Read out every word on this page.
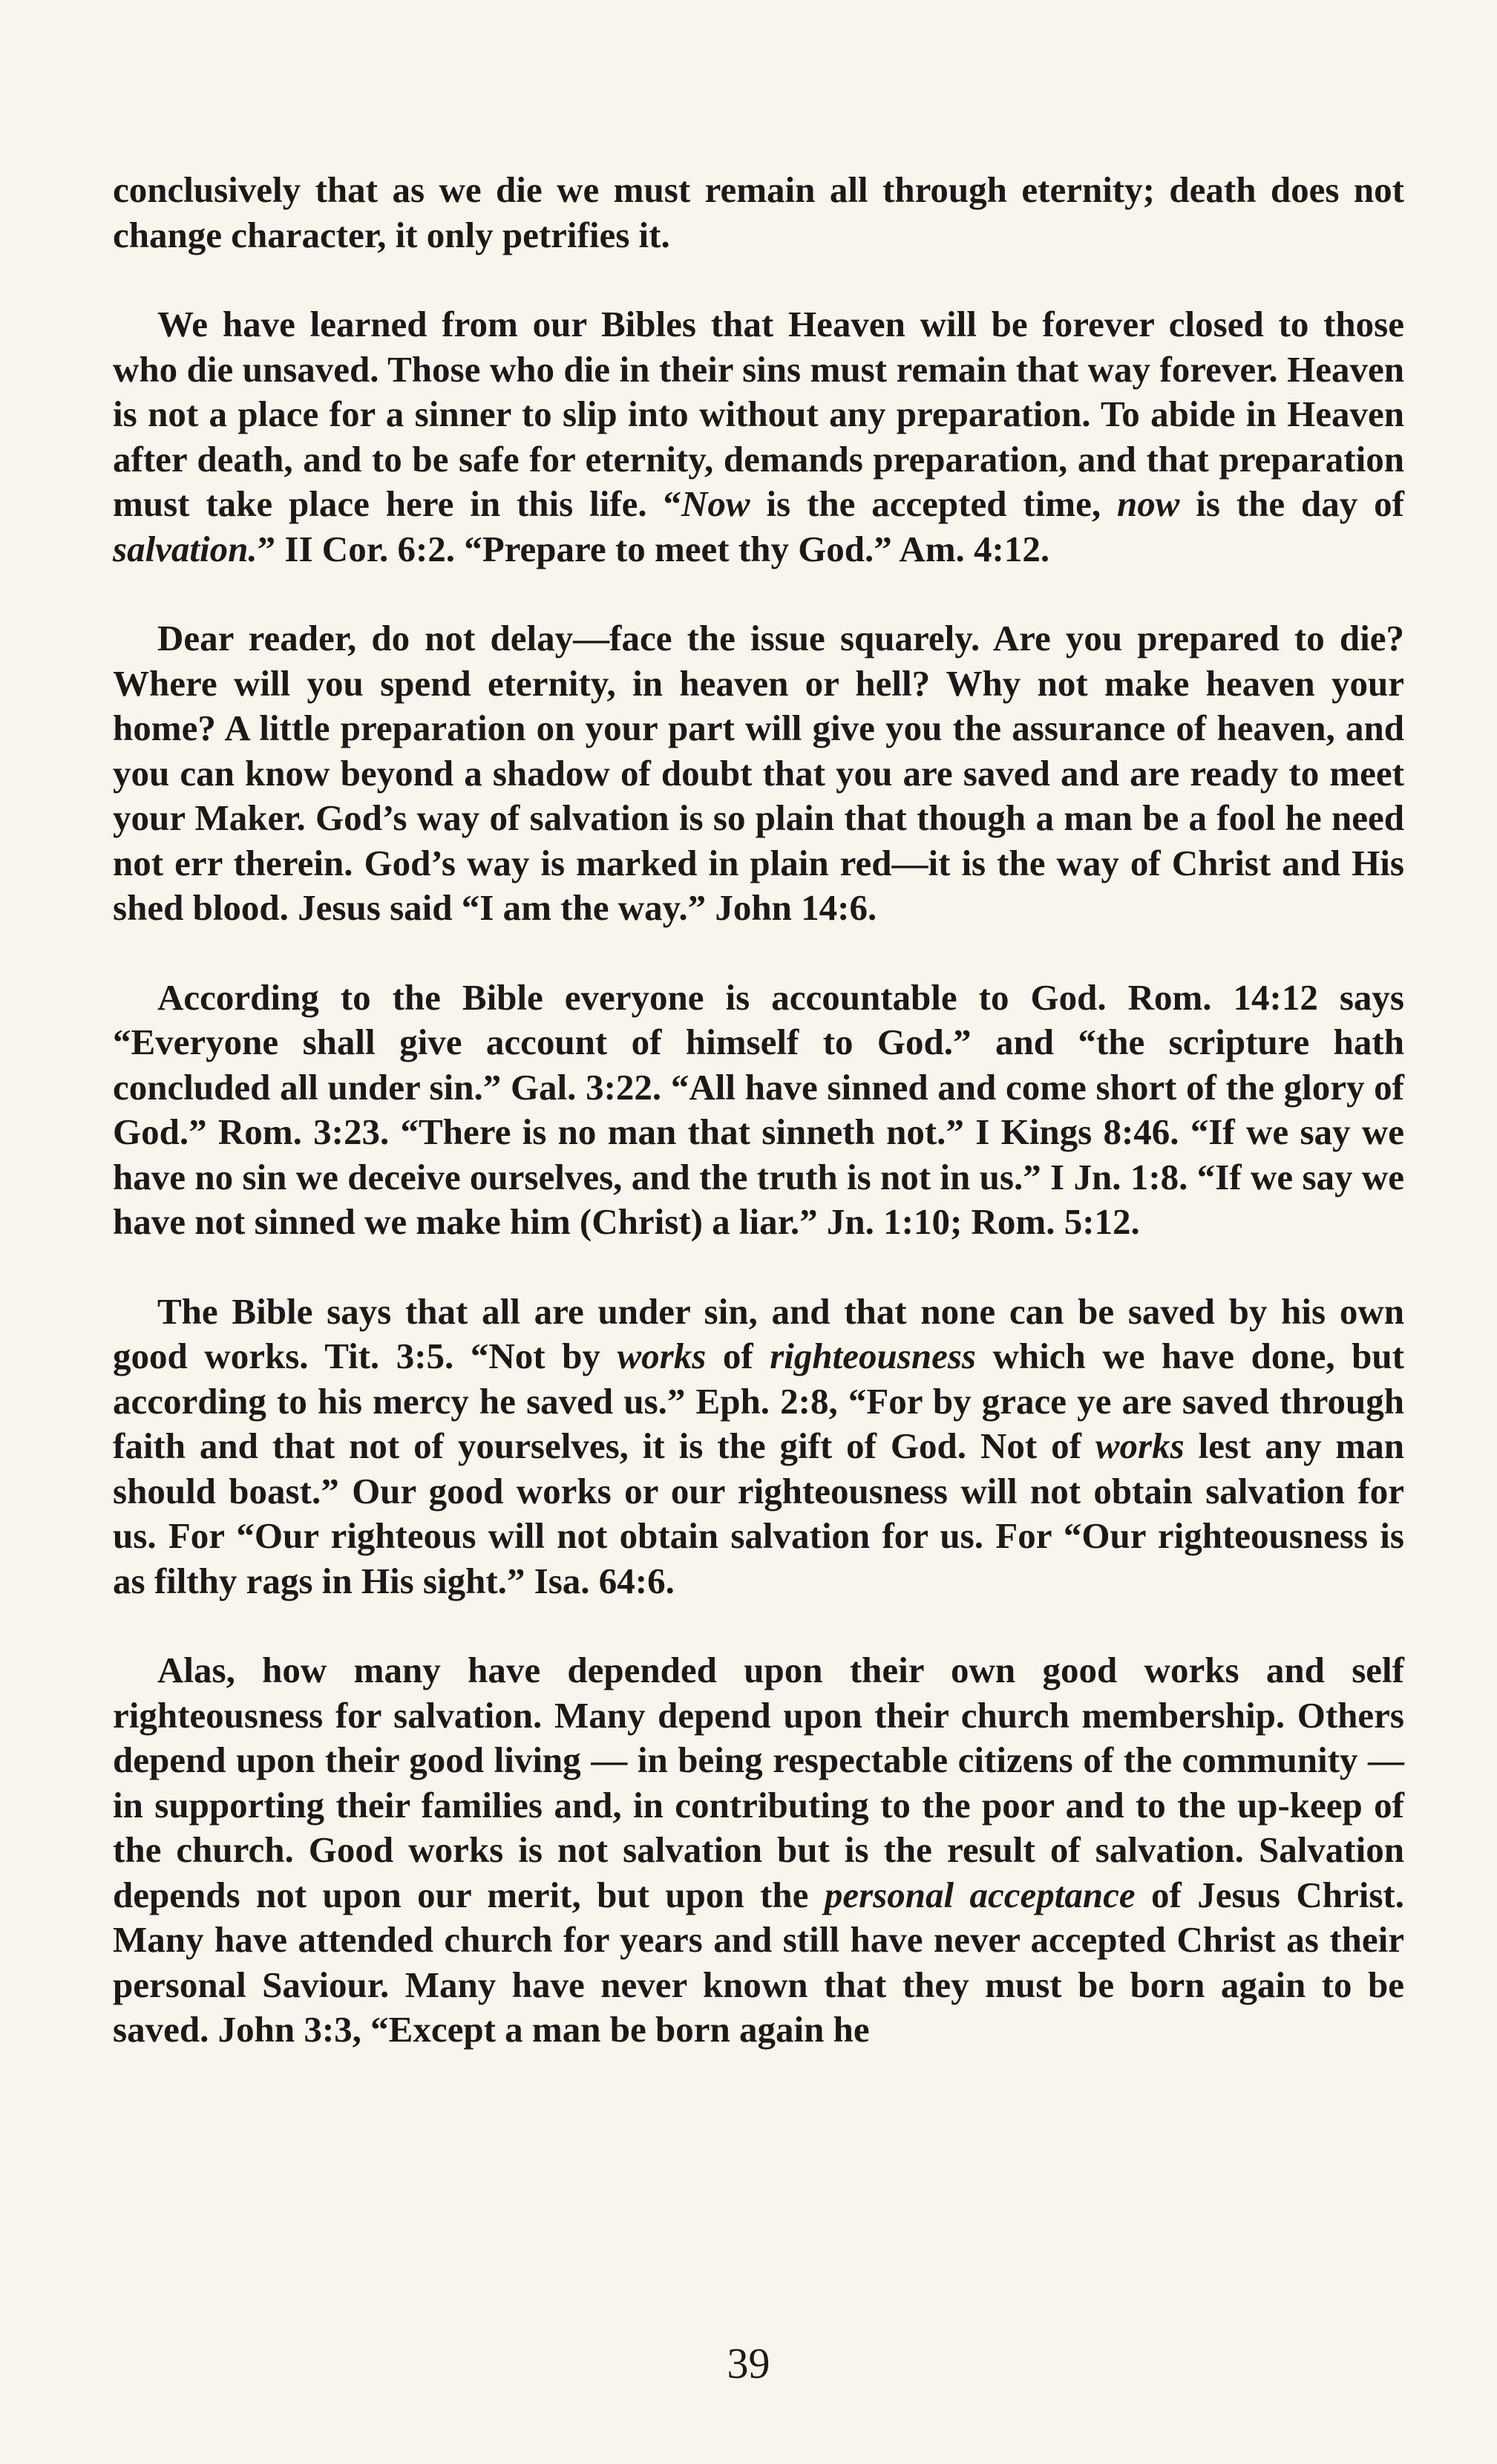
conclusively that as we die we must remain all through eternity; death does not change character, it only petrifies it.

We have learned from our Bibles that Heaven will be forever closed to those who die unsaved. Those who die in their sins must remain that way forever. Heaven is not a place for a sinner to slip into without any preparation. To abide in Heaven after death, and to be safe for eternity, demands preparation, and that preparation must take place here in this life. “Now is the accepted time, now is the day of salvation.” II Cor. 6:2. “Prepare to meet thy God.” Am. 4:12.

Dear reader, do not delay—face the issue squarely. Are you prepared to die? Where will you spend eternity, in heaven or hell? Why not make heaven your home? A little preparation on your part will give you the assurance of heaven, and you can know beyond a shadow of doubt that you are saved and are ready to meet your Maker. God’s way of salvation is so plain that though a man be a fool he need not err therein. God’s way is marked in plain red—it is the way of Christ and His shed blood. Jesus said “I am the way.” John 14:6.

According to the Bible everyone is accountable to God. Rom. 14:12 says “Everyone shall give account of himself to God.” and “the scripture hath concluded all under sin.” Gal. 3:22. “All have sinned and come short of the glory of God.” Rom. 3:23. “There is no man that sinneth not.” I Kings 8:46. “If we say we have no sin we deceive ourselves, and the truth is not in us.” I Jn. 1:8. “If we say we have not sinned we make him (Christ) a liar.” Jn. 1:10; Rom. 5:12.

The Bible says that all are under sin, and that none can be saved by his own good works. Tit. 3:5. “Not by works of righteousness which we have done, but according to his mercy he saved us.” Eph. 2:8, “For by grace ye are saved through faith and that not of yourselves, it is the gift of God. Not of works lest any man should boast.” Our good works or our righteousness will not obtain salvation for us. For “Our righteous will not obtain salvation for us. For “Our righteousness is as filthy rags in His sight.” Isa. 64:6.

Alas, how many have depended upon their own good works and self righteousness for salvation. Many depend upon their church membership. Others depend upon their good living — in being respectable citizens of the community — in supporting their families and, in contributing to the poor and to the up-keep of the church. Good works is not salvation but is the result of salvation. Salvation depends not upon our merit, but upon the personal acceptance of Jesus Christ. Many have attended church for years and still have never accepted Christ as their personal Saviour. Many have never known that they must be born again to be saved. John 3:3, “Except a man be born again he

39
